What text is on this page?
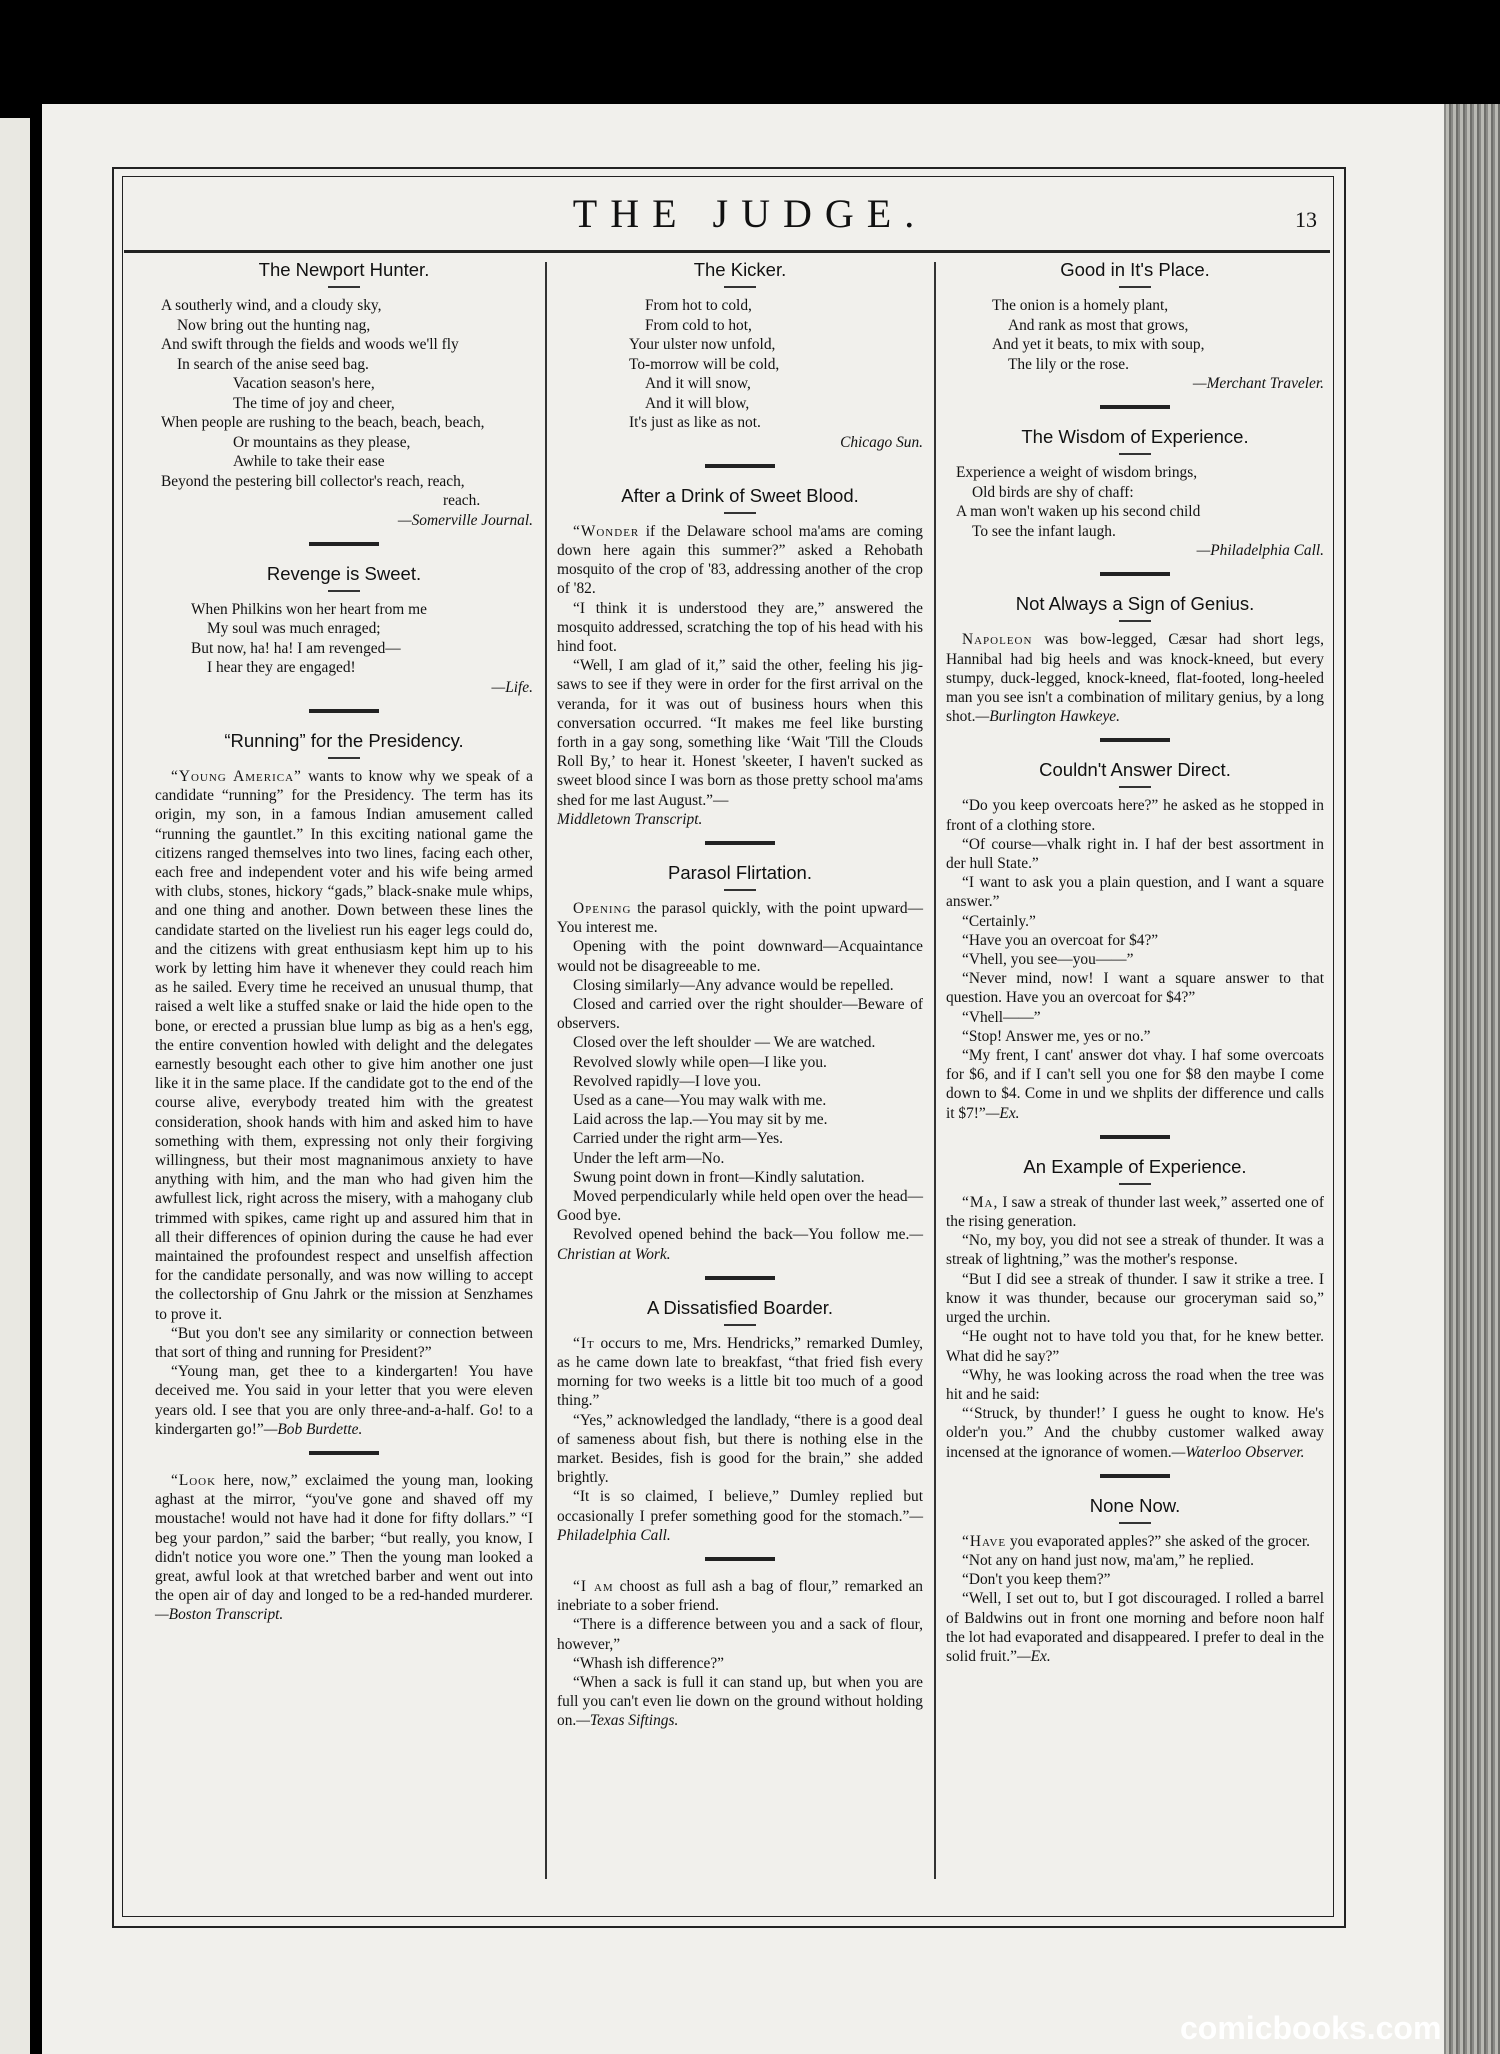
THE JUDGE.	13
The Newport Hunter.
A southerly wind, and a cloudy sky,
Now bring out the hunting nag,
And swift through the fields and woods we'll fly
In search of the anise seed bag.
Vacation season's here,
The time of joy and cheer,
When people are rushing to the beach, beach, beach,
Or mountains as they please,
Awhile to take their ease
Beyond the pestering bill collector's reach, reach,
reach.
—Somerville Journal.
Revenge is Sweet.
When Philkins won her heart from me
My soul was much enraged;
But now, ha! ha! I am revenged—
I hear they are engaged!
—Life.
“Running” for the Presidency.

“Young America” wants to know why we speak of a candidate “running” for the Presidency. The term has its origin, my son, in a famous Indian amusement called “running the gauntlet.” In this exciting national game the citizens ranged themselves into two lines, facing each other, each free and independent voter and his wife being armed with clubs, stones, hickory “gads,” black-snake mule whips, and one thing and another. Down between these lines the candidate started on the liveliest run his eager legs could do, and the citizens with great enthusiasm kept him up to his work by letting him have it whenever they could reach him as he sailed. Every time he received an unusual thump, that raised a welt like a stuffed snake or laid the hide open to the bone, or erected a prussian blue lump as big as a hen's egg, the entire convention howled with delight and the delegates earnestly besought each other to give him another one just like it in the same place. If the candidate got to the end of the course alive, everybody treated him with the greatest consideration, shook hands with him and asked him to have something with them, expressing not only their forgiving willingness, but their most magnanimous anxiety to have anything with him, and the man who had given him the awfullest lick, right across the misery, with a mahogany club trimmed with spikes, came right up and assured him that in all their differences of opinion during the cause he had ever maintained the profoundest respect and unselfish affection for the candidate personally, and was now willing to accept the collectorship of Gnu Jahrk or the mission at Senzhames to prove it.

“But you don't see any similarity or connection between that sort of thing and running for President?”

“Young man, get thee to a kindergarten! You have deceived me. You said in your letter that you were eleven years old. I see that you are only three-and-a-half. Go! to a kindergarten go!”—Bob Burdette.

“Look here, now,” exclaimed the young man, looking aghast at the mirror, “you've gone and shaved off my moustache! would not have had it done for fifty dollars.” “I beg your pardon,” said the barber; “but really, you know, I didn't notice you wore one.” Then the young man looked a great, awful look at that wretched barber and went out into the open air of day and longed to be a red-handed murderer.—Boston Transcript.

The Kicker.
From hot to cold,
From cold to hot,
Your ulster now unfold,
To-morrow will be cold,
And it will snow,
And it will blow,
It's just as like as not.
Chicago Sun.
After a Drink of Sweet Blood.

“Wonder if the Delaware school ma'ams are coming down here again this summer?” asked a Rehobath mosquito of the crop of '83, addressing another of the crop of '82.

“I think it is understood they are,” answered the mosquito addressed, scratching the top of his head with his hind foot.

“Well, I am glad of it,” said the other, feeling his jig-saws to see if they were in order for the first arrival on the veranda, for it was out of business hours when this conversation occurred. “It makes me feel like bursting forth in a gay song, something like ‘Wait 'Till the Clouds Roll By,’ to hear it. Honest 'skeeter, I haven't sucked as sweet blood since I was born as those pretty school ma'ams shed for me last August.”—

Middletown Transcript.
Parasol Flirtation.

Opening the parasol quickly, with the point upward—You interest me.

Opening with the point downward—Acquaintance would not be disagreeable to me.

Closing similarly—Any advance would be repelled.

Closed and carried over the right shoulder—Beware of observers.

Closed over the left shoulder — We are watched.

Revolved slowly while open—I like you.

Revolved rapidly—I love you.

Used as a cane—You may walk with me.

Laid across the lap.—You may sit by me.

Carried under the right arm—Yes.

Under the left arm—No.

Swung point down in front—Kindly salutation.

Moved perpendicularly while held open over the head—Good bye.

Revolved opened behind the back—You follow me.—Christian at Work.

A Dissatisfied Boarder.

“It occurs to me, Mrs. Hendricks,” remarked Dumley, as he came down late to breakfast, “that fried fish every morning for two weeks is a little bit too much of a good thing.”

“Yes,” acknowledged the landlady, “there is a good deal of sameness about fish, but there is nothing else in the market. Besides, fish is good for the brain,” she added brightly.

“It is so claimed, I believe,” Dumley replied but occasionally I prefer something good for the stomach.”—Philadelphia Call.

“I am choost as full ash a bag of flour,” remarked an inebriate to a sober friend.

“There is a difference between you and a sack of flour, however,”

“Whash ish difference?”

“When a sack is full it can stand up, but when you are full you can't even lie down on the ground without holding on.—Texas Siftings.

Good in It's Place.
The onion is a homely plant,
And rank as most that grows,
And yet it beats, to mix with soup,
The lily or the rose.
—Merchant Traveler.
The Wisdom of Experience.
Experience a weight of wisdom brings,
Old birds are shy of chaff:
A man won't waken up his second child
To see the infant laugh.
—Philadelphia Call.
Not Always a Sign of Genius.

Napoleon was bow-legged, Cæsar had short legs, Hannibal had big heels and was knock-kneed, but every stumpy, duck-legged, knock-kneed, flat-footed, long-heeled man you see isn't a combination of military genius, by a long shot.—Burlington Hawkeye.

Couldn't Answer Direct.

“Do you keep overcoats here?” he asked as he stopped in front of a clothing store.

“Of course—vhalk right in. I haf der best assortment in der hull State.”

“I want to ask you a plain question, and I want a square answer.”

“Certainly.”

“Have you an overcoat for $4?”

“Vhell, you see—you——”

“Never mind, now! I want a square answer to that question. Have you an overcoat for $4?”

“Vhell——”

“Stop! Answer me, yes or no.”

“My frent, I cant' answer dot vhay. I haf some overcoats for $6, and if I can't sell you one for $8 den maybe I come down to $4. Come in und we shplits der difference und calls it $7!”—Ex.

An Example of Experience.

“Ma, I saw a streak of thunder last week,” asserted one of the rising generation.

“No, my boy, you did not see a streak of thunder. It was a streak of lightning,” was the mother's response.

“But I did see a streak of thunder. I saw it strike a tree. I know it was thunder, because our groceryman said so,” urged the urchin.

“He ought not to have told you that, for he knew better. What did he say?”

“Why, he was looking across the road when the tree was hit and he said:

“‘Struck, by thunder!’ I guess he ought to know. He's older'n you.” And the chubby customer walked away incensed at the ignorance of women.—Waterloo Observer.

None Now.

“Have you evaporated apples?” she asked of the grocer.

“Not any on hand just now, ma'am,” he replied.

“Don't you keep them?”

“Well, I set out to, but I got discouraged. I rolled a barrel of Baldwins out in front one morning and before noon half the lot had evaporated and disappeared. I prefer to deal in the solid fruit.”—Ex.

comicbooks.com
